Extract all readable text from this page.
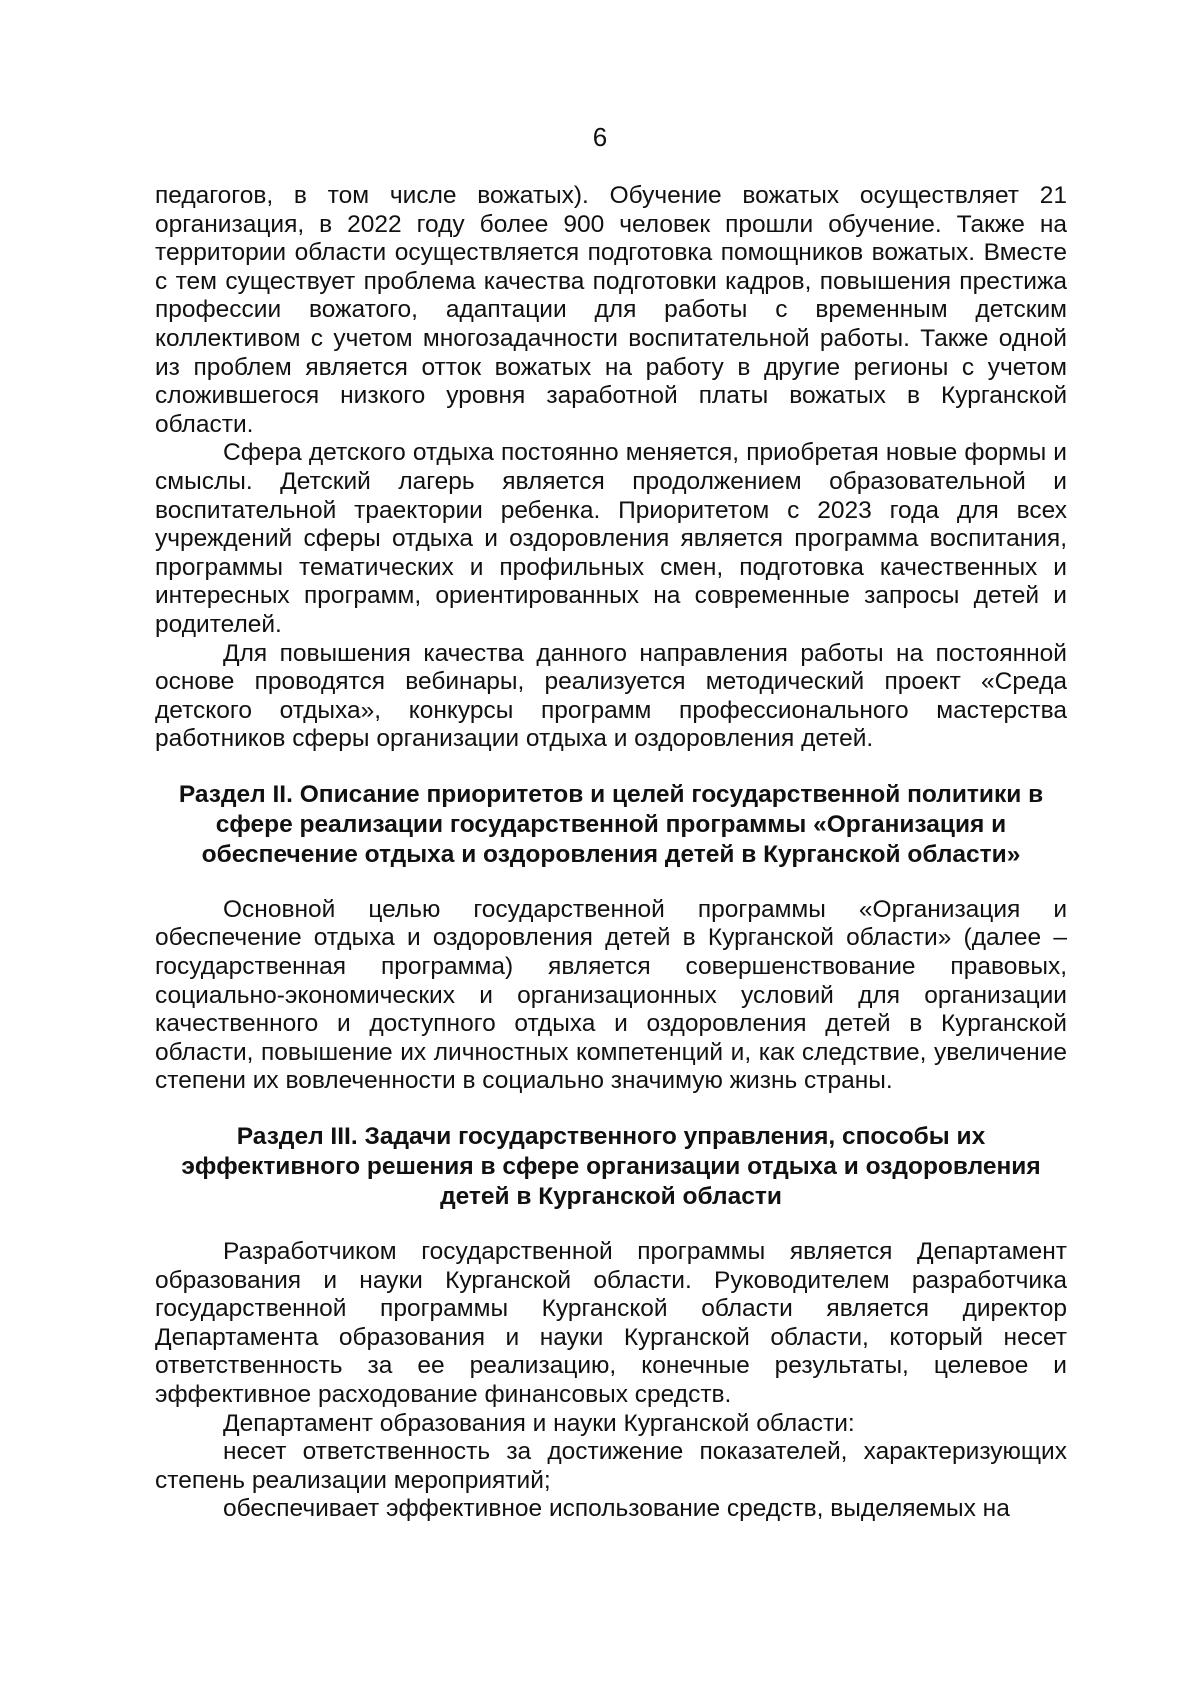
6

педагогов, в том числе вожатых). Обучение вожатых осуществляет 21 организация, в 2022 году более 900 человек прошли обучение. Также на территории области осуществляется подготовка помощников вожатых. Вместе с тем существует проблема качества подготовки кадров, повышения престижа профессии вожатого, адаптации для работы с временным детским коллективом с учетом многозадачности воспитательной работы. Также одной из проблем является отток вожатых на работу в другие регионы с учетом сложившегося низкого уровня заработной платы вожатых в Курганской области.

Сфера детского отдыха постоянно меняется, приобретая новые формы и смыслы. Детский лагерь является продолжением образовательной и воспитательной траектории ребенка. Приоритетом с 2023 года для всех учреждений сферы отдыха и оздоровления является программа воспитания, программы тематических и профильных смен, подготовка качественных и интересных программ, ориентированных на современные запросы детей и родителей.

Для повышения качества данного направления работы на постоянной основе проводятся вебинары, реализуется методический проект «Среда детского отдыха», конкурсы программ профессионального мастерства работников сферы организации отдыха и оздоровления детей.

Раздел II. Описание приоритетов и целей государственной политики в сфере реализации государственной программы «Организация и обеспечение отдыха и оздоровления детей в Курганской области»

Основной целью государственной программы «Организация и обеспечение отдыха и оздоровления детей в Курганской области» (далее – государственная программа) является совершенствование правовых, социально-экономических и организационных условий для организации качественного и доступного отдыха и оздоровления детей в Курганской области, повышение их личностных компетенций и, как следствие, увеличение степени их вовлеченности в социально значимую жизнь страны.

Раздел III. Задачи государственного управления, способы их эффективного решения в сфере организации отдыха и оздоровления детей в Курганской области

Разработчиком государственной программы является Департамент образования и науки Курганской области. Руководителем разработчика государственной программы Курганской области является директор Департамента образования и науки Курганской области, который несет ответственность за ее реализацию, конечные результаты, целевое и эффективное расходование финансовых средств.

Департамент образования и науки Курганской области:

несет ответственность за достижение показателей, характеризующих степень реализации мероприятий;

обеспечивает эффективное использование средств, выделяемых на
